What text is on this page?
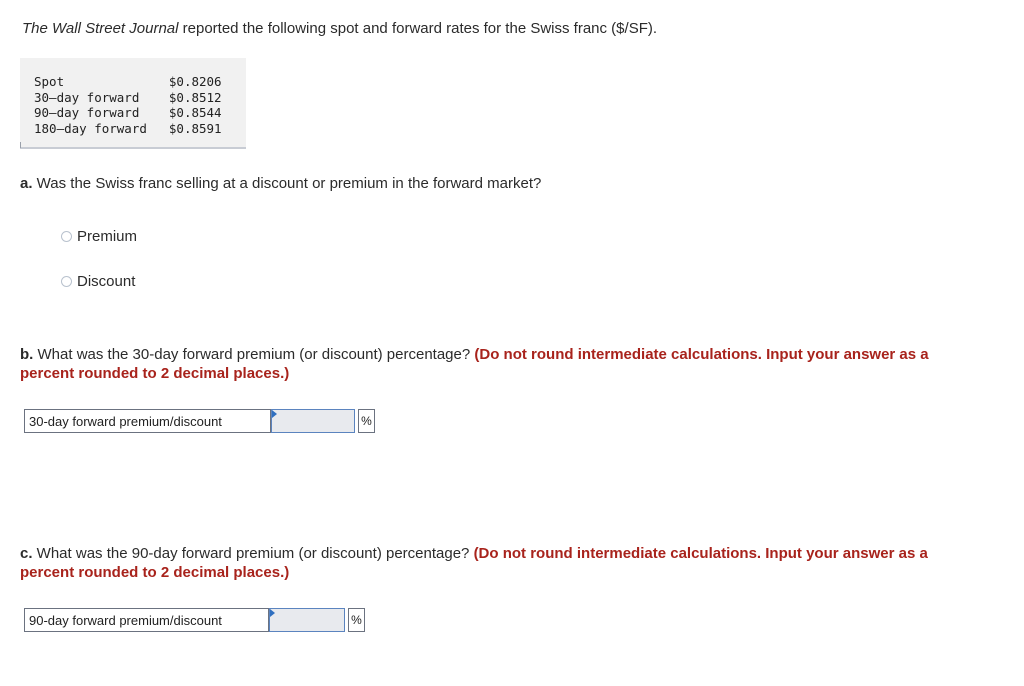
The Wall Street Journal reported the following spot and forward rates for the Swiss franc ($/SF).
Spot	$0.8206
30–day forward	$0.8512
90–day forward	$0.8544
180–day forward	$0.8591
a. Was the Swiss franc selling at a discount or premium in the forward market?
Premium
Discount
b. What was the 30-day forward premium (or discount) percentage? (Do not round intermediate calculations. Input your answer as a
percent rounded to 2 decimal places.)
30-day forward premium/discount	%
c. What was the 90-day forward premium (or discount) percentage? (Do not round intermediate calculations. Input your answer as a
percent rounded to 2 decimal places.)
90-day forward premium/discount	%
